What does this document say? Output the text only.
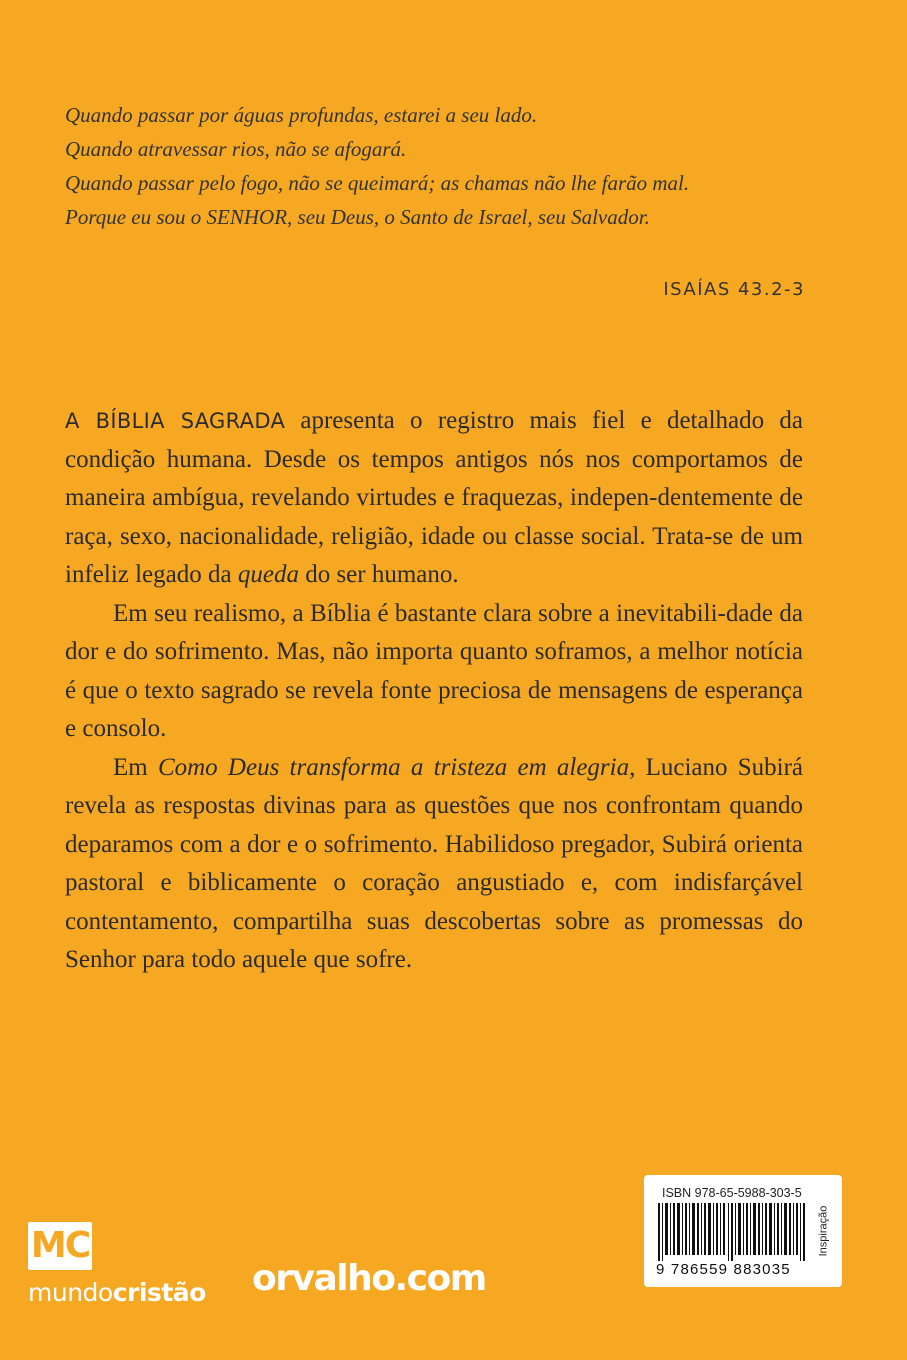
Quando passar por águas profundas, estarei a seu lado.
Quando atravessar rios, não se afogará.
Quando passar pelo fogo, não se queimará; as chamas não lhe farão mal.
Porque eu sou o SENHOR, seu Deus, o Santo de Israel, seu Salvador.
ISAÍAS 43.2-3

A BÍBLIA SAGRADA apresenta o registro mais fiel e detalhado da condição humana. Desde os tempos antigos nós nos comportamos de maneira ambígua, revelando virtudes e fraquezas, indepen-dentemente de raça, sexo, nacionalidade, religião, idade ou classe social. Trata-se de um infeliz legado da queda do ser humano.

Em seu realismo, a Bíblia é bastante clara sobre a inevitabili-dade da dor e do sofrimento. Mas, não importa quanto soframos, a melhor notícia é que o texto sagrado se revela fonte preciosa de mensagens de esperança e consolo.

Em Como Deus transforma a tristeza em alegria, Luciano Subirá revela as respostas divinas para as questões que nos confrontam quando deparamos com a dor e o sofrimento. Habilidoso pregador, Subirá orienta pastoral e biblicamente o coração angustiado e, com indisfarçável contentamento, compartilha suas descobertas sobre as promessas do Senhor para todo aquele que sofre.

MC
mundocristão orvalho.com
ISBN 978-65-5988-303-5
9 786559 883035
Inspiração
